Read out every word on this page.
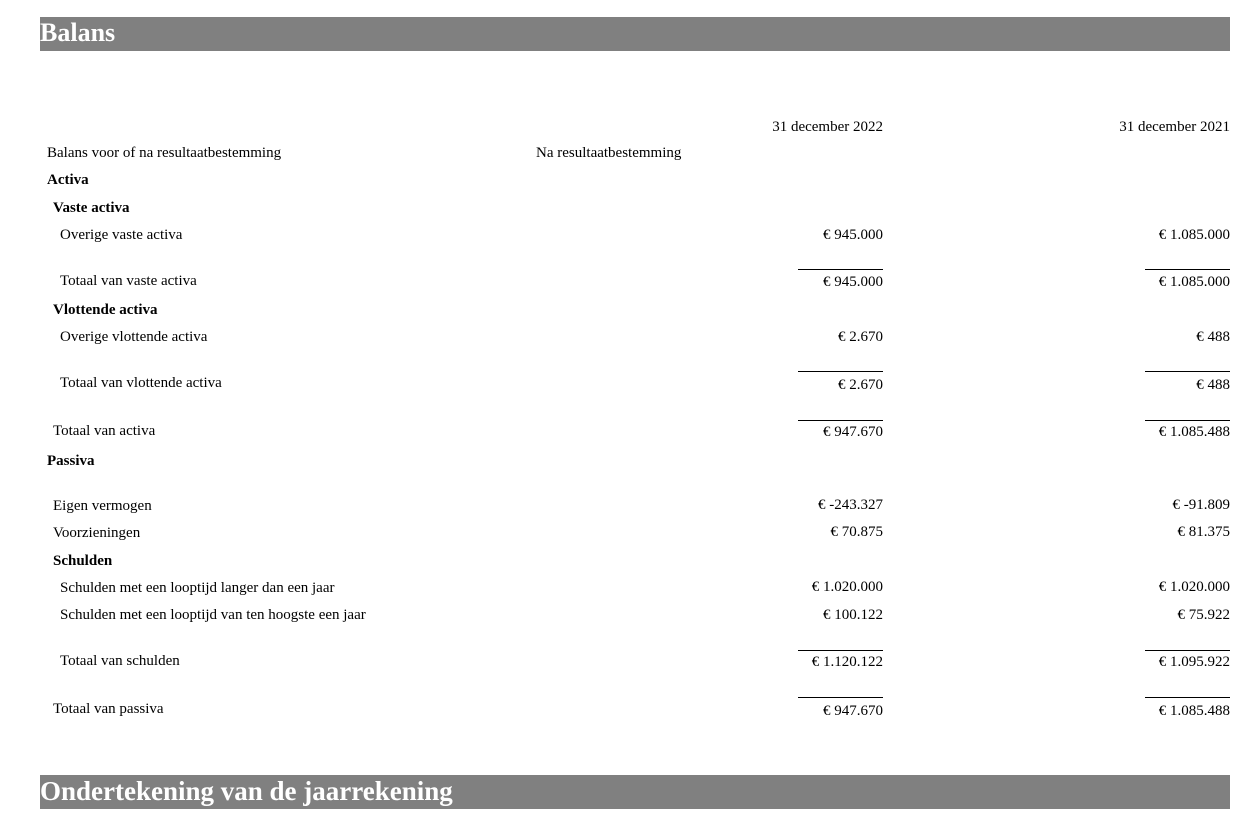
Balans
31 december 2022	31 december 2021
Balans voor of na resultaatbestemming	Na resultaatbestemming
Activa
Vaste activa
Overige vaste activa	€ 945.000	€ 1.085.000
Totaal van vaste activa	€ 945.000	€ 1.085.000
Vlottende activa
Overige vlottende activa	€ 2.670	€ 488
Totaal van vlottende activa	€ 2.670	€ 488
Totaal van activa	€ 947.670	€ 1.085.488
Passiva
Eigen vermogen	€ -243.327	€ -91.809
Voorzieningen	€ 70.875	€ 81.375
Schulden
Schulden met een looptijd langer dan een jaar	€ 1.020.000	€ 1.020.000
Schulden met een looptijd van ten hoogste een jaar	€ 100.122	€ 75.922
Totaal van schulden	€ 1.120.122	€ 1.095.922
Totaal van passiva	€ 947.670	€ 1.085.488
Ondertekening van de jaarrekening
